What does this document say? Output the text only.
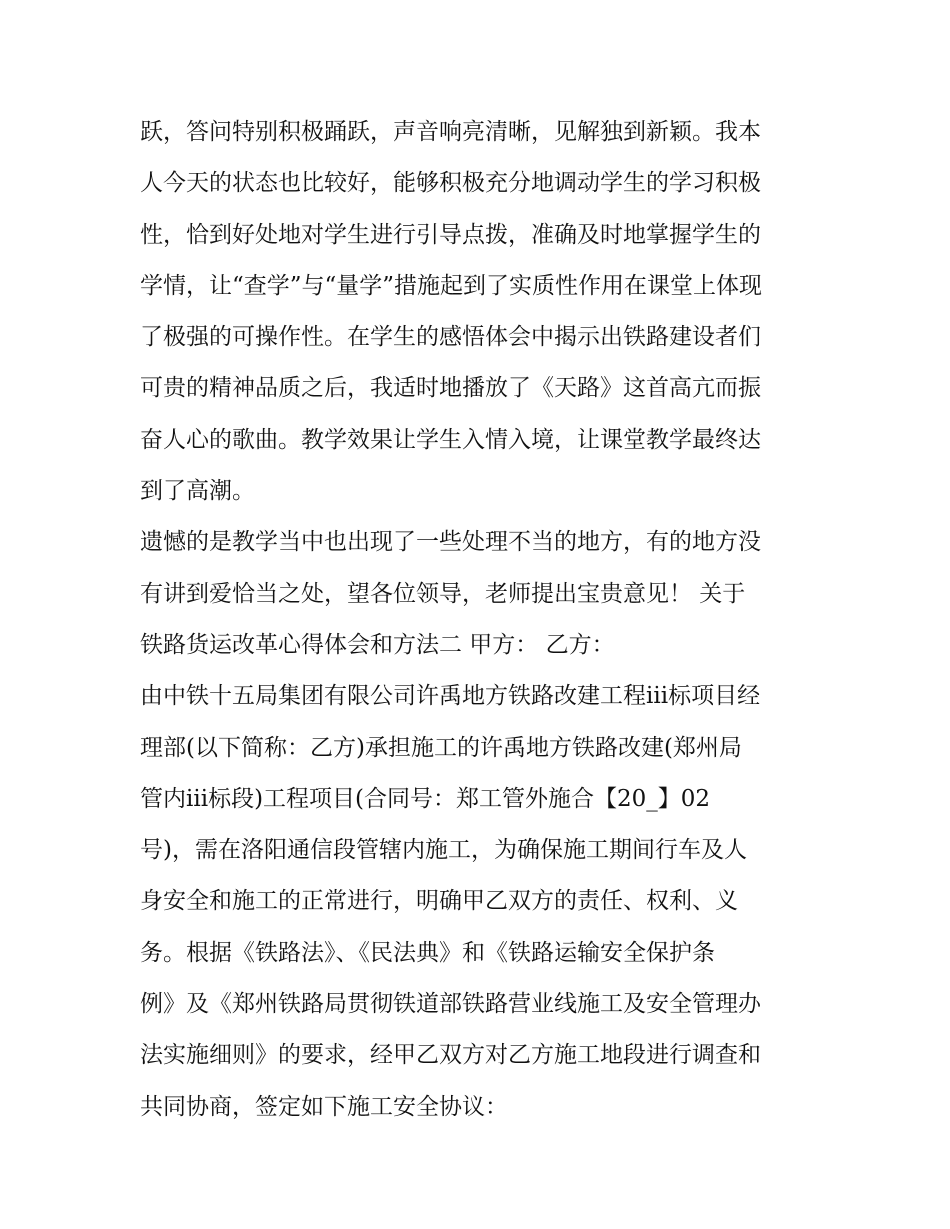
跃，答问特别积极踊跃，声音响亮清晰，见解独到新颖。我本
人今天的状态也比较好，能够积极充分地调动学生的学习积极
性，恰到好处地对学生进行引导点拨，准确及时地掌握学生的
学情，让“查学”与“量学”措施起到了实质性作用在课堂上体现
了极强的可操作性。在学生的感悟体会中揭示出铁路建设者们
可贵的精神品质之后，我适时地播放了《天路》这首高亢而振
奋人心的歌曲。教学效果让学生入情入境，让课堂教学最终达
到了高潮。
遗憾的是教学当中也出现了一些处理不当的地方，有的地方没
有讲到爱恰当之处，望各位领导，老师提出宝贵意见！ 关于
铁路货运改革心得体会和方法二 甲方： 乙方：
由中铁十五局集团有限公司许禹地方铁路改建工程iii标项目经
理部(以下简称：乙方)承担施工的许禹地方铁路改建(郑州局
管内iii标段)工程项目(合同号：郑工管外施合【20_】02
号)，需在洛阳通信段管辖内施工，为确保施工期间行车及人
身安全和施工的正常进行，明确甲乙双方的责任、权利、义
务。根据《铁路法》、《民法典》和《铁路运输安全保护条
例》及《郑州铁路局贯彻铁道部铁路营业线施工及安全管理办
法实施细则》的要求，经甲乙双方对乙方施工地段进行调查和
共同协商，签定如下施工安全协议：
